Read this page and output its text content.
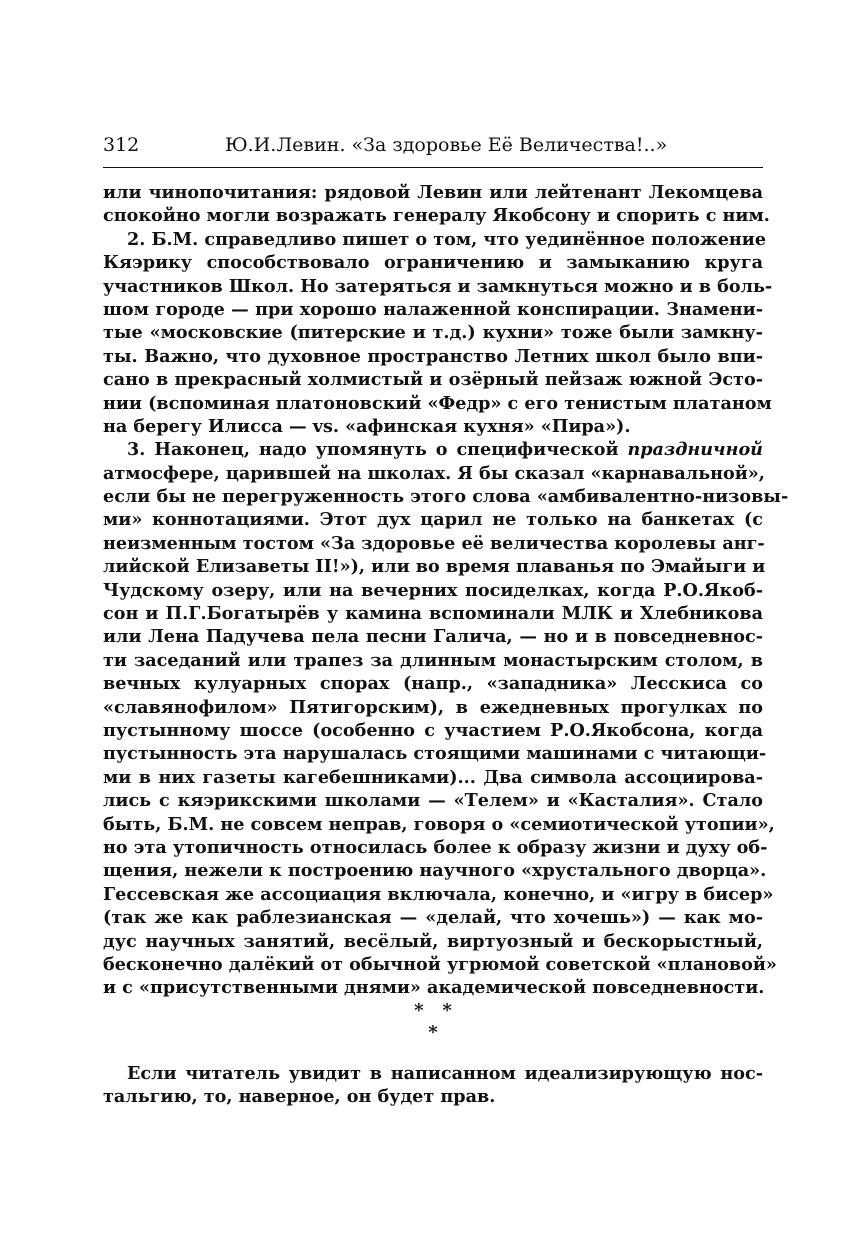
312	Ю.И.Левин. «За здоровье Её Величества!..»
или чинопочитания: рядовой Левин или лейтенант Лекомцева
спокойно могли возражать генералу Якобсону и спорить с ним.
2. Б.М. справедливо пишет о том, что уединённое положение
Кяэрику способствовало ограничению и замыканию круга
участников Школ. Но затеряться и замкнуться можно и в боль-
шом городе — при хорошо налаженной конспирации. Знамени-
тые «московские (питерские и т.д.) кухни» тоже были замкну-
ты. Важно, что духовное пространство Летних школ было впи-
сано в прекрасный холмистый и озёрный пейзаж южной Эсто-
нии (вспоминая платоновский «Федр» с его тенистым платаном
на берегу Илисса — vs. «афинская кухня» «Пира»).
3. Наконец, надо упомянуть о специфической праздничной
атмосфере, царившей на школах. Я бы сказал «карнавальной»,
если бы не перегруженность этого слова «амбивалентно-низовы-
ми» коннотациями. Этот дух царил не только на банкетах (с
неизменным тостом «За здоровье её величества королевы анг-
лийской Елизаветы II!»), или во время плаванья по Эмайыги и
Чудскому озеру, или на вечерних посиделках, когда Р.О.Якоб-
сон и П.Г.Богатырёв у камина вспоминали МЛК и Хлебникова
или Лена Падучева пела песни Галича, — но и в повседневнос-
ти заседаний или трапез за длинным монастырским столом, в
вечных кулуарных спорах (напр., «западника» Лесскиса со
«славянофилом» Пятигорским), в ежедневных прогулках по
пустынному шоссе (особенно с участием Р.О.Якобсона, когда
пустынность эта нарушалась стоящими машинами с читающи-
ми в них газеты кагебешниками)... Два символа ассоциирова-
лись с кяэрикскими школами — «Телем» и «Касталия». Стало
быть, Б.М. не совсем неправ, говоря о «семиотической утопии»,
но эта утопичность относилась более к образу жизни и духу об-
щения, нежели к построению научного «хрустального дворца».
Гессевская же ассоциация включала, конечно, и «игру в бисер»
(так же как раблезианская — «делай, что хочешь») — как мо-
дус научных занятий, весёлый, виртуозный и бескорыстный,
бесконечно далёкий от обычной угрюмой советской «плановой»
и с «присутственными днями» академической повседневности.
*   *
*
Если читатель увидит в написанном идеализирующую нос-
тальгию, то, наверное, он будет прав.
